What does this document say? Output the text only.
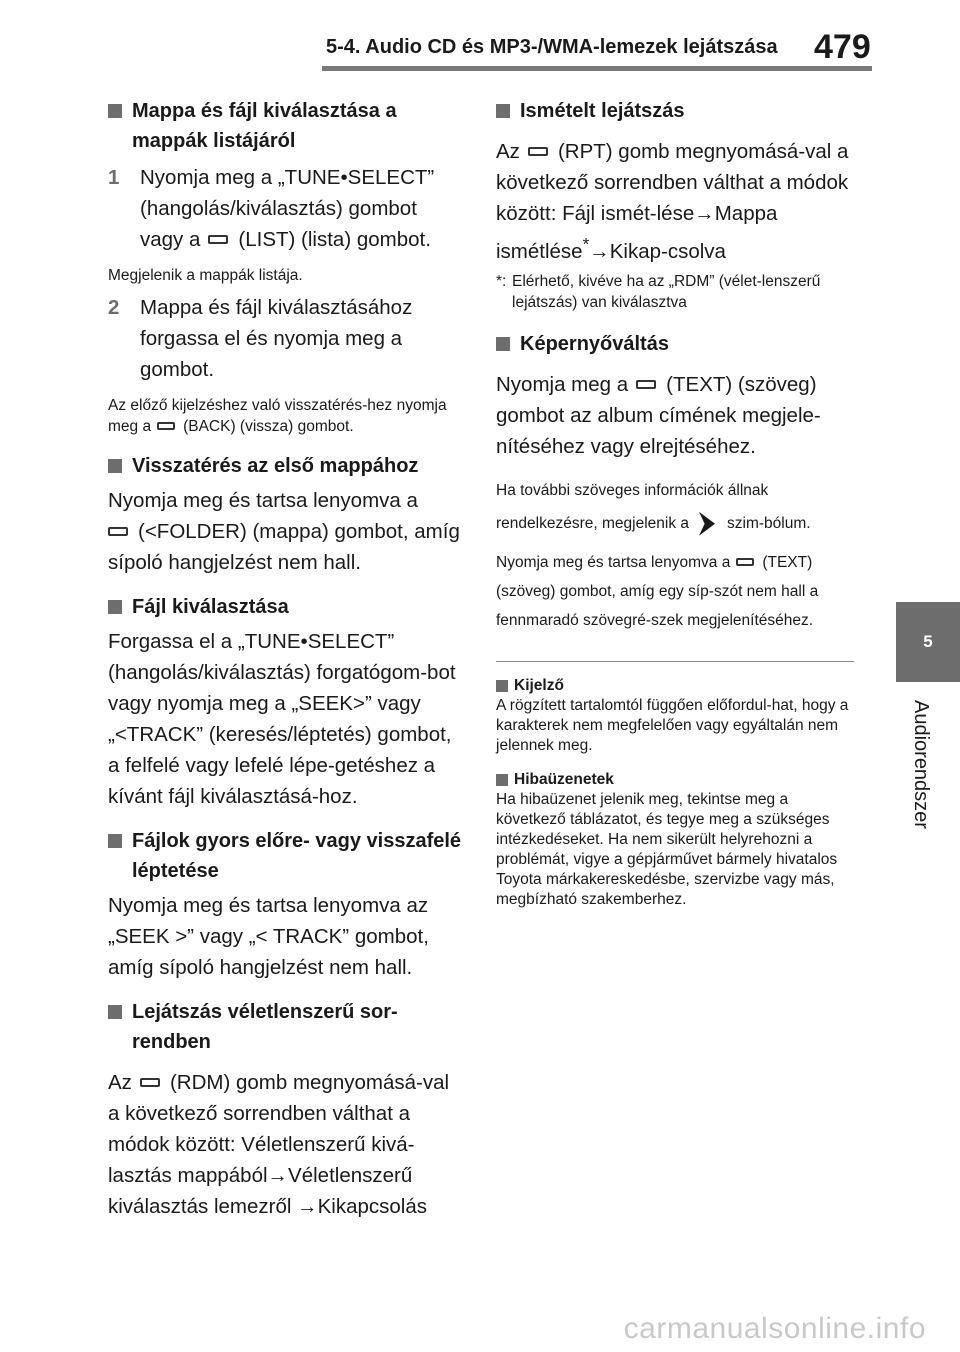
5-4. Audio CD és MP3-/WMA-lemezek lejátszása 479
5
Audiorendszer
Mappa és fájl kiválasztása a mappák listájáról
1	Nyomja meg a „TUNE•SELECT” (hangolás/kiválasztás) gombot vagy a (LIST) (lista) gombot.
Megjelenik a mappák listája.
2	Mappa és fájl kiválasztásához forgassa el és nyomja meg a gombot.
Az előző kijelzéshez való visszatérés-hez nyomja meg a (BACK) (vissza) gombot.
Visszatérés az első mappához
Nyomja meg és tartsa lenyomva a
(<FOLDER) (mappa) gombot, amíg sípoló hangjelzést nem hall.
Fájl kiválasztása
Forgassa el a „TUNE•SELECT” (hangolás/kiválasztás) forgatógom-bot vagy nyomja meg a „SEEK>” vagy „<TRACK” (keresés/léptetés) gombot, a felfelé vagy lefelé lépe-getéshez a kívánt fájl kiválasztásá-hoz.
Fájlok gyors előre- vagy visszafelé léptetése
Nyomja meg és tartsa lenyomva az „SEEK >” vagy „< TRACK” gombot, amíg sípoló hangjelzést nem hall.
Lejátszás véletlenszerű sor-rendben
Az (RDM) gomb megnyomásá-val a következő sorrendben válthat a módok között: Véletlenszerű kivá-lasztás mappából→Véletlenszerű kiválasztás lemezről →Kikapcsolás
Ismételt lejátszás
Az (RPT) gomb megnyomásá-val a következő sorrendben válthat a módok között: Fájl ismét-lése→Mappa ismétlése*→Kikap-csolva
*: Elérhető, kivéve ha az „RDM” (vélet-lenszerű lejátszás) van kiválasztva
Képernyőváltás
Nyomja meg a (TEXT) (szöveg) gombot az album címének megjele-nítéséhez vagy elrejtéséhez.
Ha további szöveges információk állnak rendelkezésre, megjelenik a szim-bólum.
Nyomja meg és tartsa lenyomva a (TEXT) (szöveg) gombot, amíg egy síp-szót nem hall a fennmaradó szövegré-szek megjelenítéséhez.
Kijelző
A rögzített tartalomtól függően előfordul-hat, hogy a karakterek nem megfelelően vagy egyáltalán nem jelennek meg.
Hibaüzenetek
Ha hibaüzenet jelenik meg, tekintse meg a következő táblázatot, és tegye meg a szükséges intézkedéseket. Ha nem sikerült helyrehozni a problémát, vigye a gépjárművet bármely hivatalos Toyota márkakereskedésbe, szervizbe vagy más, megbízható szakemberhez.
carmanualsonline.info
